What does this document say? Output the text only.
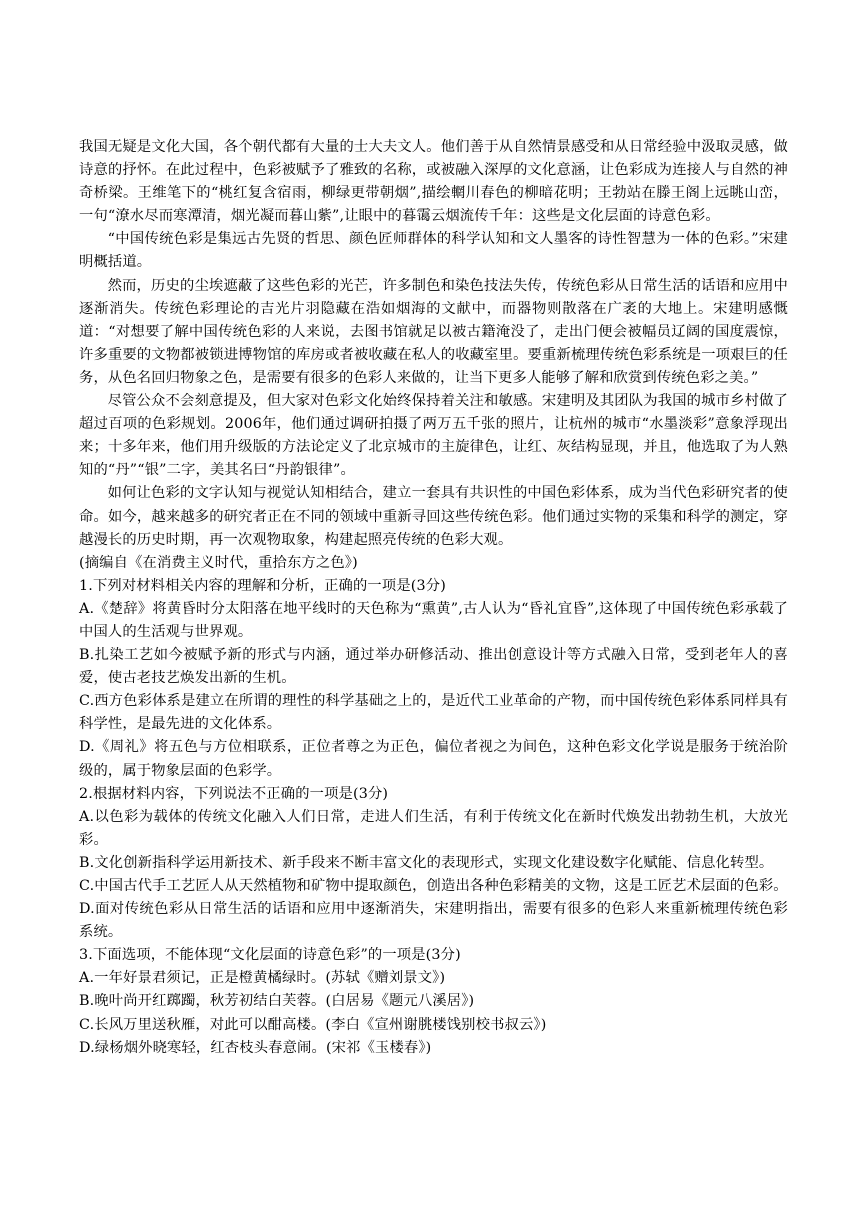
我国无疑是文化大国，各个朝代都有大量的士大夫文人。他们善于从自然情景感受和从日常经验中汲取灵感，做诗意的抒怀。在此过程中，色彩被赋予了雅致的名称，或被融入深厚的文化意涵，让色彩成为连接人与自然的神奇桥梁。王维笔下的“桃红复含宿雨，柳绿更带朝烟”,描绘輞川春色的柳暗花明；王勃站在滕王阁上远眺山峦，一句“潦水尽而寒潭清，烟光凝而暮山紫”,让眼中的暮霭云烟流传千年：这些是文化层面的诗意色彩。

“中国传统色彩是集远古先贤的哲思、颜色匠师群体的科学认知和文人墨客的诗性智慧为一体的色彩。”宋建明概括道。

然而，历史的尘埃遮蔽了这些色彩的光芒，许多制色和染色技法失传，传统色彩从日常生活的话语和应用中逐渐消失。传统色彩理论的吉光片羽隐藏在浩如烟海的文献中，而器物则散落在广袤的大地上。宋建明感慨道：“对想要了解中国传统色彩的人来说，去图书馆就足以被古籍淹没了，走出门便会被幅员辽阔的国度震惊，许多重要的文物都被锁进博物馆的库房或者被收藏在私人的收藏室里。要重新梳理传统色彩系统是一项艰巨的任务，从色名回归物象之色，是需要有很多的色彩人来做的，让当下更多人能够了解和欣赏到传统色彩之美。”

尽管公众不会刻意提及，但大家对色彩文化始终保持着关注和敏感。宋建明及其团队为我国的城市乡村做了超过百项的色彩规划。2006年，他们通过调研拍摄了两万五千张的照片，让杭州的城市“水墨淡彩”意象浮现出来；十多年来，他们用升级版的方法论定义了北京城市的主旋律色，让红、灰结构显现，并且，他选取了为人熟知的“丹”“银”二字，美其名曰“丹韵银律”。

如何让色彩的文字认知与视觉认知相结合，建立一套具有共识性的中国色彩体系，成为当代色彩研究者的使命。如今，越来越多的研究者正在不同的领域中重新寻回这些传统色彩。他们通过实物的采集和科学的测定，穿越漫长的历史时期，再一次观物取象，构建起照亮传统的色彩大观。

(摘编自《在消费主义时代，重拾东方之色》)

1.下列对材料相关内容的理解和分析，正确的一项是(3分)

A.《楚辞》将黄昏时分太阳落在地平线时的天色称为“熏黄”,古人认为“昏礼宜昏”,这体现了中国传统色彩承载了中国人的生活观与世界观。

B.扎染工艺如今被赋予新的形式与内涵，通过举办研修活动、推出创意设计等方式融入日常，受到老年人的喜爱，使古老技艺焕发出新的生机。

C.西方色彩体系是建立在所谓的理性的科学基础之上的，是近代工业革命的产物，而中国传统色彩体系同样具有科学性，是最先进的文化体系。

D.《周礼》将五色与方位相联系，正位者尊之为正色，偏位者视之为间色，这种色彩文化学说是服务于统治阶级的，属于物象层面的色彩学。

2.根据材料内容，下列说法不正确的一项是(3分)

A.以色彩为载体的传统文化融入人们日常，走进人们生活，有利于传统文化在新时代焕发出勃勃生机，大放光彩。

B.文化创新指科学运用新技术、新手段来不断丰富文化的表现形式，实现文化建设数字化赋能、信息化转型。

C.中国古代手工艺匠人从天然植物和矿物中提取颜色，创造出各种色彩精美的文物，这是工匠艺术层面的色彩。

D.面对传统色彩从日常生活的话语和应用中逐渐消失，宋建明指出，需要有很多的色彩人来重新梳理传统色彩系统。

3.下面选项，不能体现“文化层面的诗意色彩”的一项是(3分)

A.一年好景君须记，正是橙黄橘绿时。(苏轼《赠刘景文》)

B.晚叶尚开红踯躅，秋芳初结白芙蓉。(白居易《题元八溪居》)

C.长风万里送秋雁，对此可以酣高楼。(李白《宣州谢朓楼饯别校书叔云》)

D.绿杨烟外晓寒轻，红杏枝头春意闹。(宋祁《玉楼春》)
